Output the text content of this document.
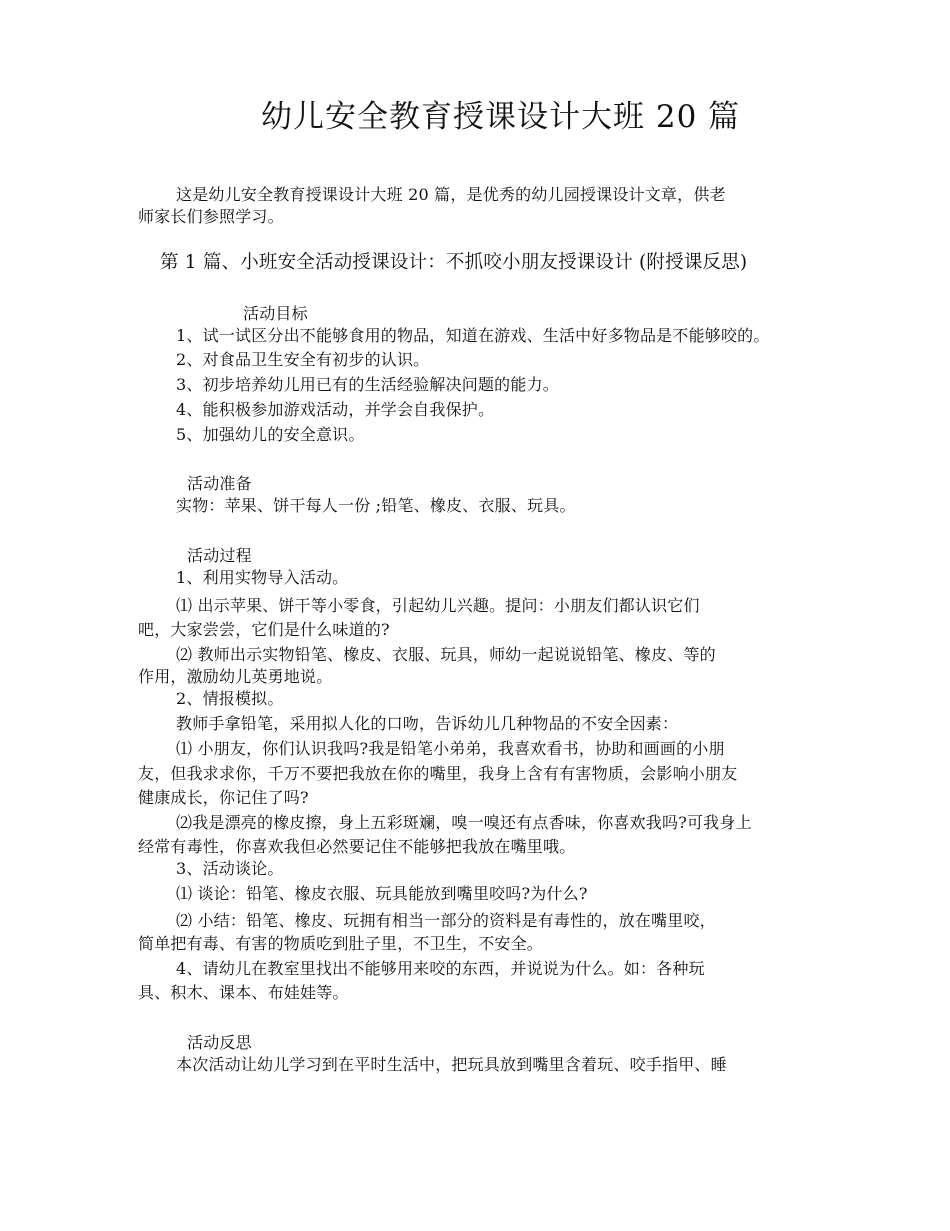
幼儿安全教育授课设计大班 20 篇
这是幼儿安全教育授课设计大班 20 篇，是优秀的幼儿园授课设计文章，供老
师家长们参照学习。
第 1 篇、小班安全活动授课设计：不抓咬小朋友授课设计 (附授课反思)
活动目标
1、试一试区分出不能够食用的物品，知道在游戏、生活中好多物品是不能够咬的。
2、对食品卫生安全有初步的认识。
3、初步培养幼儿用已有的生活经验解决问题的能力。
4、能积极参加游戏活动，并学会自我保护。
5、加强幼儿的安全意识。
活动准备
实物：苹果、饼干每人一份 ;铅笔、橡皮、衣服、玩具。
活动过程
1、利用实物导入活动。
⑴ 出示苹果、饼干等小零食，引起幼儿兴趣。提问：小朋友们都认识它们
吧，大家尝尝，它们是什么味道的?
⑵ 教师出示实物铅笔、橡皮、衣服、玩具，师幼一起说说铅笔、橡皮、等的
作用，激励幼儿英勇地说。
2、情报模拟。
教师手拿铅笔，采用拟人化的口吻，告诉幼儿几种物品的不安全因素：
⑴ 小朋友，你们认识我吗?我是铅笔小弟弟，我喜欢看书，协助和画画的小朋
友，但我求求你，千万不要把我放在你的嘴里，我身上含有有害物质，会影响小朋友
健康成长，你记住了吗?
⑵我是漂亮的橡皮擦，身上五彩斑斓，嗅一嗅还有点香味，你喜欢我吗?可我身上
经常有毒性，你喜欢我但必然要记住不能够把我放在嘴里哦。
3、活动谈论。
⑴ 谈论：铅笔、橡皮衣服、玩具能放到嘴里咬吗?为什么?
⑵ 小结：铅笔、橡皮、玩拥有相当一部分的资料是有毒性的，放在嘴里咬，
简单把有毒、有害的物质吃到肚子里，不卫生，不安全。
4、请幼儿在教室里找出不能够用来咬的东西，并说说为什么。如：各种玩
具、积木、课本、布娃娃等。
活动反思
本次活动让幼儿学习到在平时生活中，把玩具放到嘴里含着玩、咬手指甲、睡
